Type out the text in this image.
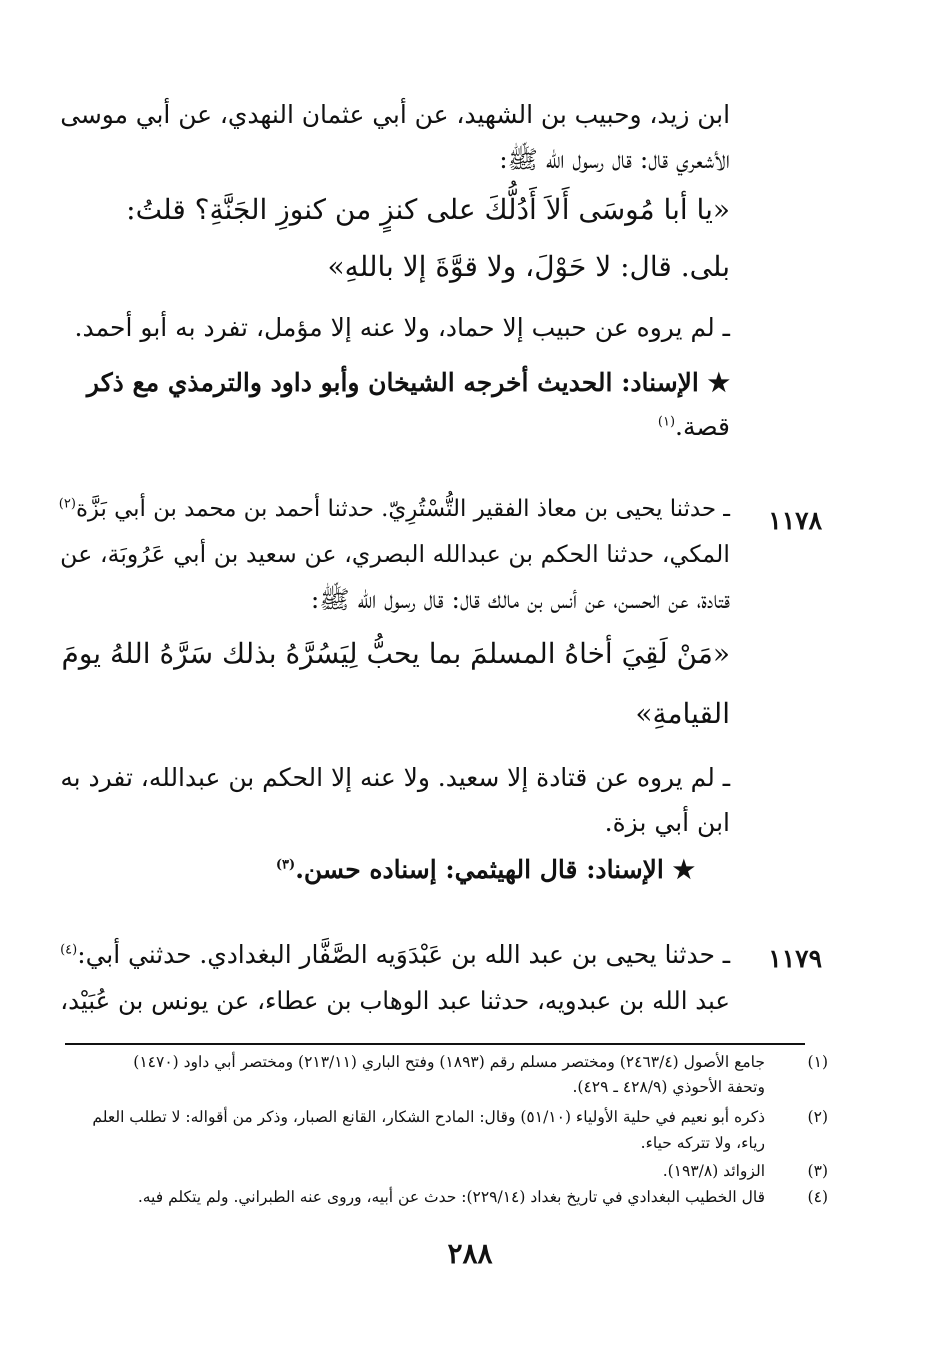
ابن زيد، وحبيب بن الشهيد، عن أبي عثمان النهدي، عن أبي موسى
الأشعري قال: قال رسول الله ﷺ:
«يا أبا مُوسَى أَلاَ أَدُلُّكَ على كنزٍ من كنوزِ الجَنَّةِ؟ قلتُ:
بلى. قال: لا حَوْلَ، ولا قوَّةَ إلا باللهِ»
ـ لم يروه عن حبيب إلا حماد، ولا عنه إلا مؤمل، تفرد به أبو أحمد.
★ الإسناد: الحديث أخرجه الشيخان وأبو داود والترمذي مع ذكر
قصة.$^{(١)}$
١١٧٨
ـ حدثنا يحيى بن معاذ الفقير التُّسْتُرِيّ. حدثنا أحمد بن محمد بن أبي بَزَّة$^{(٢)}$
المكي، حدثنا الحكم بن عبدالله البصري، عن سعيد بن أبي عَرُوبَة، عن
قتادة، عن الحسن، عن أنس بن مالك قال: قال رسول الله ﷺ:
«مَنْ لَقِيَ أخاهُ المسلمَ بما يحبُّ لِيَسُرَّهُ بذلك سَرَّهُ اللهُ يومَ
القيامةِ»
ـ لم يروه عن قتادة إلا سعيد. ولا عنه إلا الحكم بن عبدالله، تفرد به
ابن أبي بزة.
★ الإسناد: قال الهيثمي: إسناده حسن.$^{(٣)}$
١١٧٩
ـ حدثنا يحيى بن عبد الله بن عَبْدَوَيه الصَّفَّار البغدادي. حدثني أبي:$^{(٤)}$
عبد الله بن عبدويه، حدثنا عبد الوهاب بن عطاء، عن يونس بن عُبَيْد،
(١)
جامع الأصول (٢٤٦٣/٤) ومختصر مسلم رقم (١٨٩٣) وفتح الباري (٢١٣/١١) ومختصر أبي داود (١٤٧٠)
وتحفة الأحوذي (٤٢٨/٩ ـ ٤٢٩).
(٢)
ذكره أبو نعيم في حلية الأولياء (٥١/١٠) وقال: المادح الشكار، القانع الصبار، وذكر من أقواله: لا تطلب العلم
رياء، ولا تتركه حياء.
(٣)
الزوائد (١٩٣/٨).
(٤)
قال الخطيب البغدادي في تاريخ بغداد (٢٢٩/١٤): حدث عن أبيه، وروى عنه الطبراني. ولم يتكلم فيه.
٢٨٨
